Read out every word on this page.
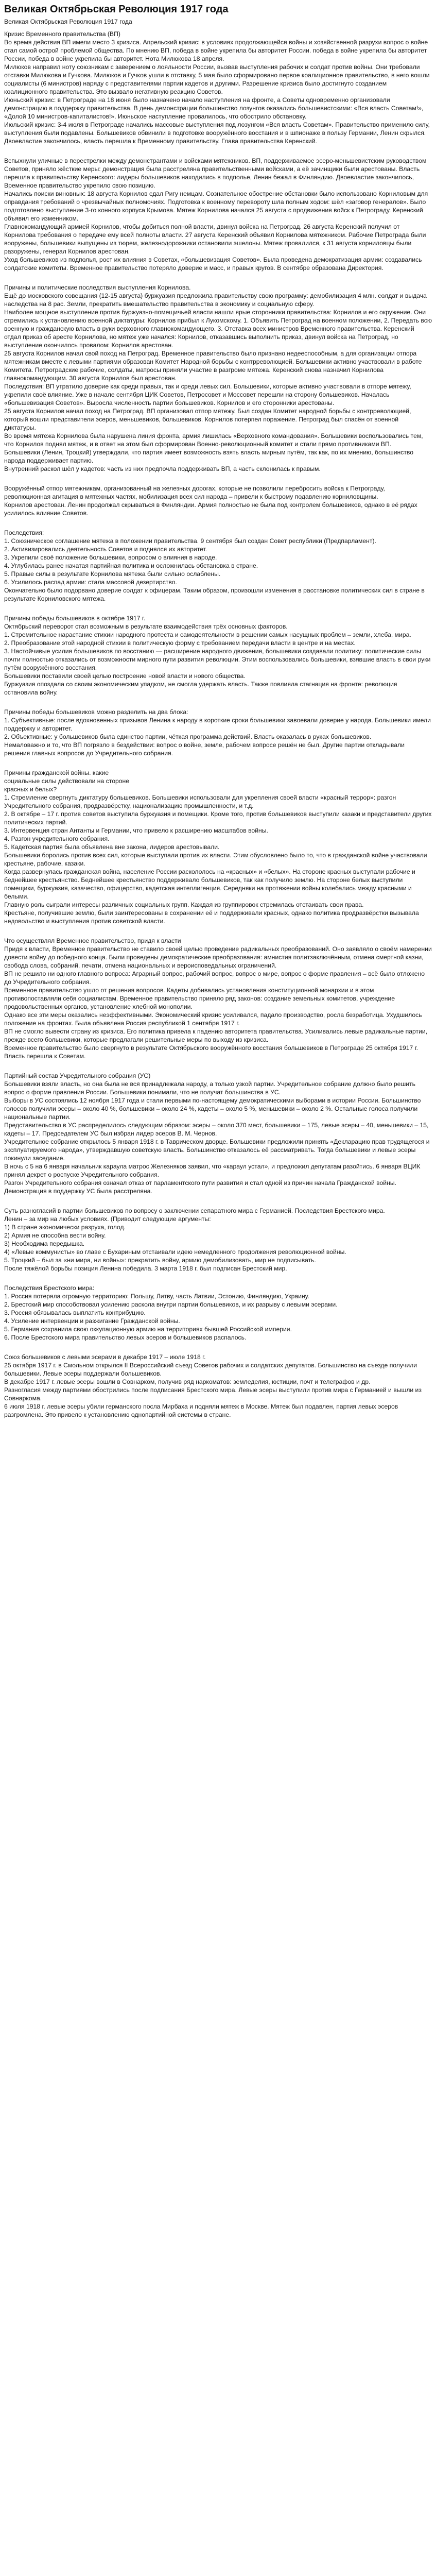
Великая Октябрьская Революция 1917 года
Великая Октябрьская Революция 1917 года
Кризис Временного правительства (ВП)
Во время действия ВП имели место 3 кризиса. Апрельский кризис: в условиях продолжающейся войны и хозяйственной разрухи вопрос о войне стал самой острой проблемой общества. По мнению ВП, победа в войне укрепила бы авторитет России. победа в войне укрепила бы авторитет России, победа в войне укрепила бы авторитет. Нота Милюкова 18 апреля.
Милюков направил ноту союзникам с заверением о лояльности России, вызвав выступления рабочих и солдат против войны. Они требовали отставки Милюкова и Гучкова. Милюков и Гучков ушли в отставку, 5 мая было сформировано первое коалиционное правительство, в него вошли социалисты (6 министров) наряду с представителями партии кадетов и другими. Разрешение кризиса было достигнуто созданием коалиционного правительства. Это вызвало негативную реакцию Советов.
Июньский кризис: в Петрограде на 18 июня было назначено начало наступления на фронте, а Советы одновременно организовали демонстрацию в поддержку правительства. В день демонстрации большинство лозунгов оказались большевистскими: «Вся власть Советам!», «Долой 10 министров-капиталистов!». Июньское наступление провалилось, что обострило обстановку.
Июльский кризис: 3-4 июля в Петрограде начались массовые выступления под лозунгом «Вся власть Советам». Правительство применило силу, выступления были подавлены. Большевиков обвинили в подготовке вооружённого восстания и в шпионаже в пользу Германии, Ленин скрылся. Двоевластие закончилось, власть перешла к Временному правительству. Глава правительства Керенский.
Вспыхнули уличные в перестрелки между демонстрантами и войсками мятежников. ВП, поддерживаемое эсеро-меньшевистским руководством Советов, приняло жёсткие меры: демонстрация была расстреляна правительственными войсками, а её зачинщики были арестованы. Власть перешла к правительству Керенского: лидеры большевиков находились в подполье, Ленин бежал в Финляндию. Двоевластие закончилось, Временное правительство укрепило свою позицию.
Начались поиски виновных: 18 августа Корнилов сдал Ригу немцам. Сознательное обострение обстановки было использовано Корниловым для оправдания требований о чрезвычайных полномочиях. Подготовка к военному перевороту шла полным ходом: шёл «заговор генералов». Было подготовлено выступление 3-го конного корпуса Крымова. Мятеж Корнилова начался 25 августа с продвижения войск к Петрограду. Керенский объявил его изменником.
Главнокомандующий армией Корнилов, чтобы добиться полной власти, двинул войска на Петроград. 26 августа Керенский получил от Корнилова требования о передаче ему всей полноты власти. 27 августа Керенский объявил Корнилова мятежником. Рабочие Петрограда были вооружены, большевики выпущены из тюрем, железнодорожники остановили эшелоны. Мятеж провалился, к 31 августа корниловцы были разоружены, генерал Корнилов арестован.
Уход большевиков из подполья, рост их влияния в Советах, «большевизация Советов». Была проведена демократизация армии: создавались солдатские комитеты. Временное правительство потеряло доверие и масс, и правых кругов. В сентябре образована Директория.
Причины и политические последствия выступления Корнилова.
Ещё до московского совещания (12-15 августа) буржуазия предложила правительству свою программу: демобилизация 4 млн. солдат и выдача наследства на 8 рас. Земли, прекратить вмешательство правительства в экономику и социальную сферу.
Наиболее мощное выступление против буржуазно-помещичьей власти нашли ярые сторонники правительства: Корнилов и его окружение. Они стремились к установлению военной диктатуры: Корнилов прибыл к Лукомскому. 1. Объявить Петроград на военном положении, 2. Передать всю военную и гражданскую власть в руки верховного главнокомандующего. 3. Отставка всех министров Временного правительства. Керенский отдал приказ об аресте Корнилова, но мятеж уже начался: Корнилов, отказавшись выполнить приказ, двинул войска на Петроград, но выступление окончилось провалом: Корнилов арестован.
25 августа Корнилов начал свой поход на Петроград. Временное правительство было признано недееспособным, а для организации отпора мятежникам вместе с левыми партиями образован Комитет Народной борьбы с контрреволюцией. Большевики активно участвовали в работе Комитета. Петроградские рабочие, солдаты, матросы приняли участие в разгроме мятежа. Керенский снова назначил Корнилова главнокомандующим. 30 августа Корнилов был арестован.
Последствия: ВП утратило доверие как среди правых, так и среди левых сил. Большевики, которые активно участвовали в отпоре мятежу, укрепили своё влияние. Уже в начале сентября ЦИК Советов, Петросовет и Моссовет перешли на сторону большевиков. Началась «большевизация Советов». Выросла численность партии большевиков. Корнилов и его сторонники арестованы.
25 августа Корнилов начал поход на Петроград. ВП организовал отпор мятежу. Был создан Комитет народной борьбы с контрреволюцией, который вошли представители эсеров, меньшевиков, большевиков. Корнилов потерпел поражение. Петроград был спасён от военной диктатуры.
Во время мятежа Корнилова была нарушена линия фронта, армия лишилась «Верховного командования». Большевики воспользовались тем, что Корнилов поднял мятеж, и в ответ на этом был сформирован Военно-революционный комитет и стали прямо противниками ВП.
Большевики (Ленин, Троцкий) утверждали, что партия имеет возможность взять власть мирным путём, так как, по их мнению, большинство народа поддерживает партию.
Внутренний раскол шёл у кадетов: часть из них предпочла поддерживать ВП, а часть склонилась к правым.
Вооружённый отпор мятежникам, организованный на железных дорогах, которые не позволили перебросить войска к Петрограду, революционная агитация в мятежных частях, мобилизация всех сил народа – привели к быстрому подавлению корниловщины.
Корнилов арестован. Ленин продолжал скрываться в Финляндии. Армия полностью не была под контролем большевиков, однако в её рядах усилилось влияние Советов.
Последствия:
1. Союзническое соглашение мятежа в положении правительства. 9 сентября был создан Совет республики (Предпарламент).
2. Активизировались деятельность Советов и поднялся их авторитет.
3. Укрепили своё положение большевики, вопросом о влияния в народе.
4. Углубилась ранее начатая партийная политика и осложнилась обстановка в стране.
5. Правые силы в результате Корнилова мятежа были сильно ослаблены.
6. Усилилось распад армии: стала массовой дезертирство.
Окончательно было подорвано доверие солдат к офицерам. Таким образом, произошли изменения в расстановке политических сил в стране в результате Корниловского мятежа.
Причины победы большевиков в октябре 1917 г.
Октябрьский переворот стал возможным в результате взаимодействия трёх основных факторов.
1. Стремительное нарастание стихии народного протеста и самодеятельности в решении самых насущных проблем – земли, хлеба, мира.
2. Преобразование этой народной стихии в политическую форму с требованием передачи власти в центре и на местах.
3. Настойчивые усилия большевиков по восстанию — расширение народного движения, большевики создавали политику: политические силы почти полностью отказались от возможности мирного пути развития революции. Этим воспользовались большевики, взявшие власть в свои руки путём вооружённого восстания.
Большевики поставили своей целью построение новой власти и нового общества.
Буржуазия опоздала со своим экономическим упадком, не смогла удержать власть. Также повлияла стагнация на фронте: революция остановила войну.
Причины победы большевиков можно разделить на два блока:
1. Субъективные: после вдохновенных призывов Ленина к народу в короткие сроки большевики завоевали доверие у народа. Большевики имели поддержку и авторитет.
2. Объективные: у большевиков была единство партии, чёткая программа действий. Власть оказалась в руках большевиков.
Немаловажно и то, что ВП погрязло в бездействии: вопрос о войне, земле, рабочем вопросе решён не был. Другие партии откладывали решения главных вопросов до Учредительного собрания.
Причины гражданской войны. какие
социальные силы действовали на стороне
красных и белых?
1. Стремление свергнуть диктатуру большевиков. Большевики использовали для укрепления своей власти «красный террор»: разгон Учредительного собрания, продразвёрстку, национализацию промышленности, и т.д.
2. В октябре – 17 г. против советов выступила буржуазия и помещики. Кроме того, против большевиков выступили казаки и представители других политических партий.
3. Интервенция стран Антанты и Германии, что привело к расширению масштабов войны.
4. Разгон учредительного собрания.
5. Кадетская партия была объявлена вне закона, лидеров арестовывали.
Большевики боролись против всех сил, которые выступали против их власти. Этим обусловлено было то, что в гражданской войне участвовали крестьяне, рабочие, казаки.
Когда развернулась гражданская война, население России раскололось на «красных» и «белых». На стороне красных выступали рабочие и беднейшее крестьянство. Беднейшее крестьянство поддерживало большевиков, так как получило землю. На стороне белых выступили помещики, буржуазия, казачество, офицерство, кадетская интеллигенция. Середняки на протяжении войны колебались между красными и белыми.
Главную роль сыграли интересы различных социальных групп. Каждая из группировок стремилась отстаивать свои права.
Крестьяне, получившие землю, были заинтересованы в сохранении её и поддерживали красных, однако политика продразвёрстки вызывала недовольство и выступления против советской власти.
Что осуществлял Временное правительство, придя к власти
Придя к власти, Временное правительство не ставило своей целью проведение радикальных преобразований. Оно заявляло о своём намерении довести войну до победного конца. Были проведены демократические преобразования: амнистия политзаключённым, отмена смертной казни, свобода слова, собраний, печати, отмена национальных и вероисповедальных ограничений.
ВП не решило ни одного главного вопроса: Аграрный вопрос, рабочий вопрос, вопрос о мире, вопрос о форме правления – всё было отложено до Учредительного собрания.
Временное правительство ушло от решения вопросов. Кадеты добивались установления конституционной монархии и в этом противопоставляли себя социалистам. Временное правительство приняло ряд законов: создание земельных комитетов, учреждение продовольственных органов, установление хлебной монополии.
Однако все эти меры оказались неэффективными. Экономический кризис усиливался, падало производство, росла безработица. Ухудшилось положение на фронтах. Была объявлена Россия республикой 1 сентября 1917 г.
ВП не смогло вывести страну из кризиса. Его политика привела к падению авторитета правительства. Усиливались левые радикальные партии, прежде всего большевики, которые предлагали решительные меры по выходу из кризиса.
Временное правительство было свергнуто в результате Октябрьского вооружённого восстания большевиков в Петрограде 25 октября 1917 г. Власть перешла к Советам.
Партийный состав Учредительного собрания (УС)
Большевики взяли власть, но она была не вся принадлежала народу, а только узкой партии. Учредительное собрание должно было решить вопрос о форме правления России. Большевики понимали, что не получат большинства в УС.
Выборы в УС состоялись 12 ноября 1917 года и стали первыми по-настоящему демократическими выборами в истории России. Большинство голосов получили эсеры – около 40 %, большевики – около 24 %, кадеты – около 5 %, меньшевики – около 2 %. Остальные голоса получили национальные партии.
Представительство в УС распределилось следующим образом: эсеры – около 370 мест, большевики – 175, левые эсеры – 40, меньшевики – 15, кадеты – 17. Председателем УС был избран лидер эсеров В. М. Чернов.
Учредительное собрание открылось 5 января 1918 г. в Таврическом дворце. Большевики предложили принять «Декларацию прав трудящегося и эксплуатируемого народа», утверждавшую советскую власть. Большинство отказалось её рассматривать. Тогда большевики и левые эсеры покинули заседание.
В ночь с 5 на 6 января начальник караула матрос Железняков заявил, что «караул устал», и предложил депутатам разойтись. 6 января ВЦИК принял декрет о роспуске Учредительного собрания.
Разгон Учредительного собрания означал отказ от парламентского пути развития и стал одной из причин начала Гражданской войны. Демонстрация в поддержку УС была расстреляна.
Суть разногласий в партии большевиков по вопросу о заключении сепаратного мира с Германией. Последствия Брестского мира.
Ленин – за мир на любых условиях. (Приводит следующие аргументы:
1) В стране экономически разруха, голод.
2) Армия не способна вести войну.
3) Необходима передышка.
4) «Левые коммунисты» во главе с Бухариным отстаивали идею немедленного продолжения революционной войны.
5. Троцкий – был за «ни мира, ни войны»: прекратить войну, армию демобилизовать, мир не подписывать.
После тяжёлой борьбы позиция Ленина победила. 3 марта 1918 г. был подписан Брестский мир.
Последствия Брестского мира:
1. Россия потеряла огромную территорию: Польшу, Литву, часть Латвии, Эстонию, Финляндию, Украину.
2. Брестский мир способствовал усилению раскола внутри партии большевиков, и их разрыву с левыми эсерами.
3. Россия обязывалась выплатить контрибуцию.
4. Усиление интервенции и разжигание Гражданской войны.
5. Германия сохранила свою оккупационную армию на территориях бывшей Российской империи.
6. После Брестского мира правительство левых эсеров и большевиков распалось.
Союз большевиков с левыми эсерами в декабре 1917 – июле 1918 г.
25 октября 1917 г. в Смольном открылся II Всероссийский съезд Советов рабочих и солдатских депутатов. Большинство на съезде получили большевики. Левые эсеры поддержали большевиков.
В декабре 1917 г. левые эсеры вошли в Совнарком, получив ряд наркоматов: земледелия, юстиции, почт и телеграфов и др.
Разногласия между партиями обострились после подписания Брестского мира. Левые эсеры выступили против мира с Германией и вышли из Совнаркома.
6 июля 1918 г. левые эсеры убили германского посла Мирбаха и подняли мятеж в Москве. Мятеж был подавлен, партия левых эсеров разгромлена. Это привело к установлению однопартийной системы в стране.
